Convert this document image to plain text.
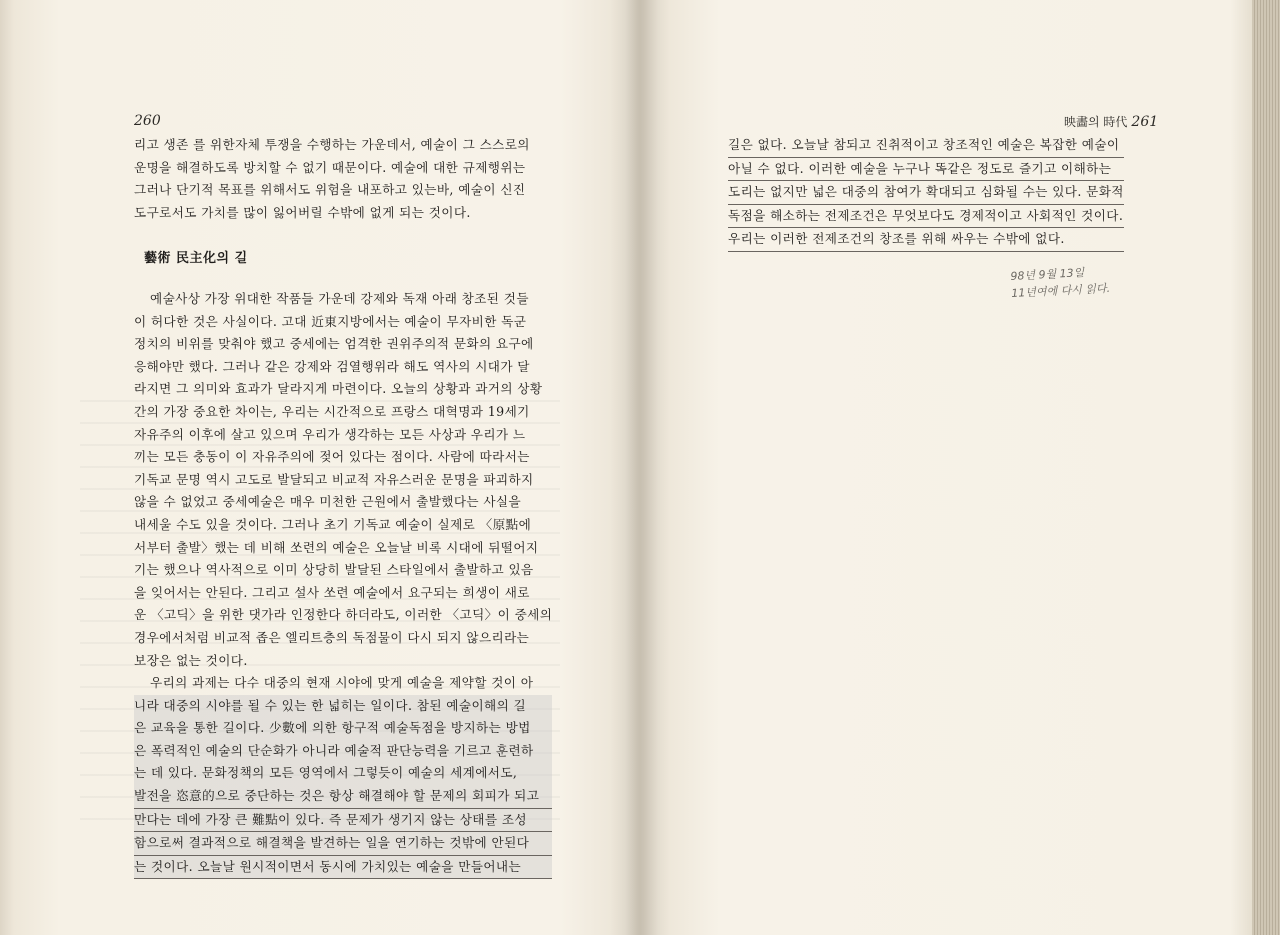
260
리고 생존 를 위한자체 투쟁을 수행하는 가운데서, 예술이 그 스스로의
운명을 해결하도록 방치할 수 없기 때문이다. 예술에 대한 규제행위는
그러나 단기적 목표를 위해서도 위험을 내포하고 있는바, 예술이 신진
도구로서도 가치를 많이 잃어버릴 수밖에 없게 되는 것이다.
藝術 民主化의 길
예술사상 가장 위대한 작품들 가운데 강제와 독재 아래 창조된 것들
이 허다한 것은 사실이다. 고대 近東지방에서는 예술이 무자비한 독군
정치의 비위를 맞춰야 했고 중세에는 엄격한 권위주의적 문화의 요구에
응해야만 했다. 그러나 같은 강제와 검열행위라 해도 역사의 시대가 달
라지면 그 의미와 효과가 달라지게 마련이다. 오늘의 상황과 과거의 상황
간의 가장 중요한 차이는, 우리는 시간적으로 프랑스 대혁명과 19세기
자유주의 이후에 살고 있으며 우리가 생각하는 모든 사상과 우리가 느
끼는 모든 충동이 이 자유주의에 젖어 있다는 점이다. 사람에 따라서는
기독교 문명 역시 고도로 발달되고 비교적 자유스러운 문명을 파괴하지
않을 수 없었고 중세예술은 매우 미천한 근원에서 출발했다는 사실을
내세울 수도 있을 것이다. 그러나 초기 기독교 예술이 실제로 〈原點에
서부터 출발〉했는 데 비해 쏘련의 예술은 오늘날 비록 시대에 뒤떨어지
기는 했으나 역사적으로 이미 상당히 발달된 스타일에서 출발하고 있음
을 잊어서는 안된다. 그리고 설사 쏘련 예술에서 요구되는 희생이 새로
운 〈고딕〉을 위한 댓가라 인정한다 하더라도, 이러한 〈고딕〉이 중세의
경우에서처럼 비교적 좁은 엘리트층의 독점물이 다시 되지 않으리라는
보장은 없는 것이다.
우리의 과제는 다수 대중의 현재 시야에 맞게 예술을 제약할 것이 아
니라 대중의 시야를 될 수 있는 한 넓히는 일이다. 참된 예술이해의 길
은 교육을 통한 길이다. 少數에 의한 항구적 예술독점을 방지하는 방법
은 폭력적인 예술의 단순화가 아니라 예술적 판단능력을 기르고 훈련하
는 데 있다. 문화정책의 모든 영역에서 그렇듯이 예술의 세계에서도,
발전을 恣意的으로 중단하는 것은 항상 해결해야 할 문제의 회피가 되고
만다는 데에 가장 큰 難點이 있다. 즉 문제가 생기지 않는 상태를 조성
함으로써 결과적으로 해결책을 발견하는 일을 연기하는 것밖에 안된다
는 것이다. 오늘날 원시적이면서 동시에 가치있는 예술을 만들어내는
映畵의 時代 261
길은 없다. 오늘날 참되고 진취적이고 창조적인 예술은 복잡한 예술이
아닐 수 없다. 이러한 예술을 누구나 똑같은 정도로 즐기고 이해하는
도리는 없지만 넓은 대중의 참여가 확대되고 심화될 수는 있다. 문화적
독점을 해소하는 전제조건은 무엇보다도 경제적이고 사회적인 것이다.
우리는 이러한 전제조건의 창조를 위해 싸우는 수밖에 없다.
98년 9월 13일
11년여에 다시 읽다.
